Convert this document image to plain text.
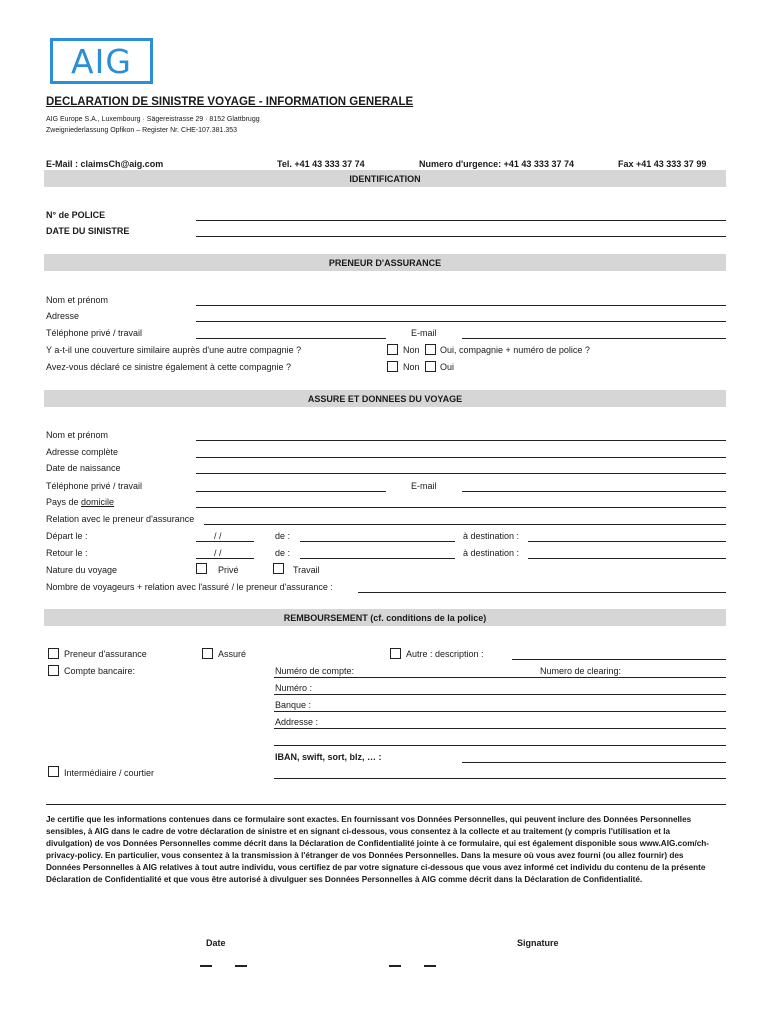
AIG
DECLARATION DE SINISTRE VOYAGE - INFORMATION GENERALE
AIG Europe S.A., Luxembourg · Sägereistrasse 29 · 8152 Glattbrugg
Zweigniederlassung Opfikon – Register Nr. CHE-107.381.353
E-Mail : claimsCh@aig.com	Tel. +41 43 333 37 74	Numero d'urgence: +41 43 333 37 74	Fax +41 43 333 37 99
IDENTIFICATION
N° de POLICE
DATE DU SINISTRE
PRENEUR D'ASSURANCE
Nom et prénom
Adresse
Téléphone privé / travail	E-mail
Y a-t-il une couverture similaire auprès d'une autre compagnie ?	Non Oui, compagnie + numéro de police ?
Avez-vous déclaré ce sinistre également à cette compagnie ?	Non Oui
ASSURE ET DONNEES DU VOYAGE
Nom et prénom
Adresse complète
Date de naissance
Téléphone privé / travail	E-mail
Pays de domicile
Relation avec le preneur d'assurance
Départ le :	/ /	de :	à destination :
Retour le :	/ /	de :	à destination :
Nature du voyage	Privé	Travail
Nombre de voyageurs + relation avec l'assuré / le preneur d'assurance :
REMBOURSEMENT (cf. conditions de la police)
Preneur d'assurance	Assuré	Autre : description :
Compte bancaire:	Numéro de compte:	Numero de clearing:
Numéro :
Banque :
Addresse :
IBAN, swift, sort, blz, … :
Intermédiaire / courtier
Je certifie que les informations contenues dans ce formulaire sont exactes. En fournissant vos Données Personnelles, qui peuvent inclure des Données Personnelles sensibles, à AIG dans le cadre de votre déclaration de sinistre et en signant ci-dessous, vous consentez à la collecte et au traitement (y compris l'utilisation et la divulgation) de vos Données Personnelles comme décrit dans la Déclaration de Confidentialité jointe à ce formulaire, qui est également disponible sous www.AIG.com/ch-privacy-policy. En particulier, vous consentez à la transmission à l'étranger de vos Données Personnelles. Dans la mesure où vous avez fourni (ou allez fournir) des Données Personnelles à AIG relatives à tout autre individu, vous certifiez de par votre signature ci-dessous que vous avez informé cet individu du contenu de la présente Déclaration de Confidentialité et que vous être autorisé à divulguer ses Données Personnelles à AIG comme décrit dans la Déclaration de Confidentialité.
Date	Signature
